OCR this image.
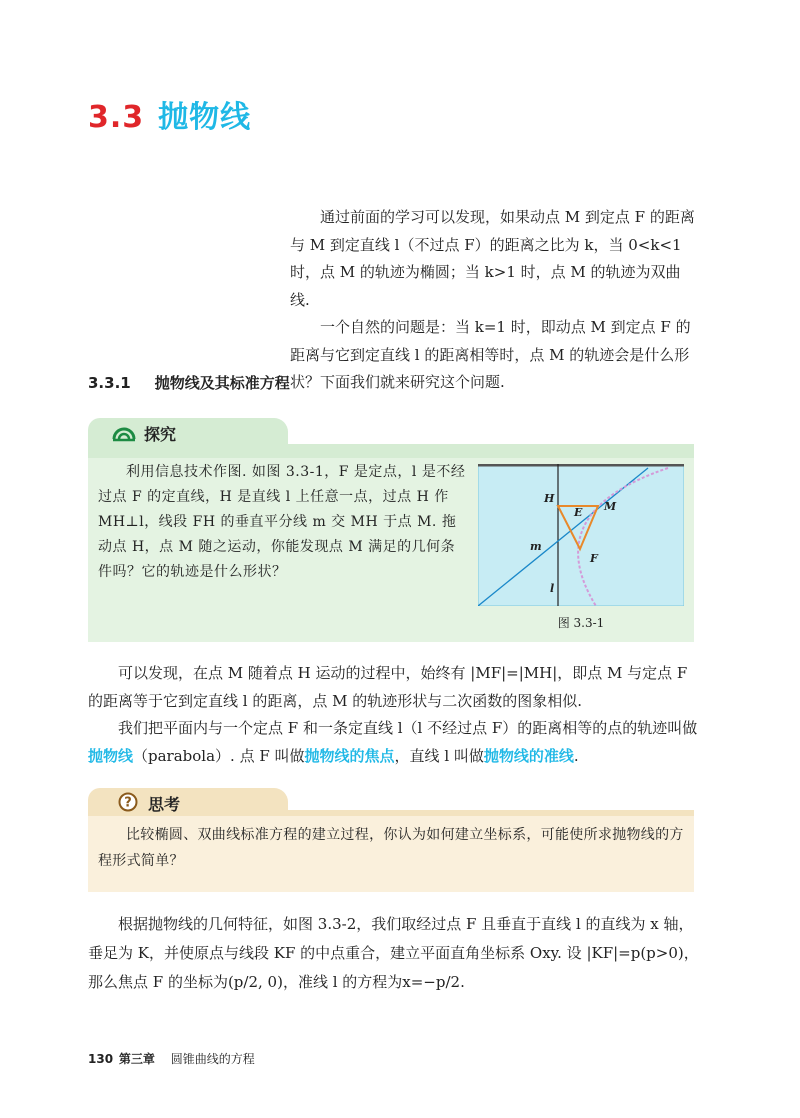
3.3 抛物线

通过前面的学习可以发现，如果动点 M 到定点 F 的距离与 M 到定直线 l（不过点 F）的距离之比为 k，当 0<k<1 时，点 M 的轨迹为椭圆；当 k>1 时，点 M 的轨迹为双曲线.

一个自然的问题是：当 k=1 时，即动点 M 到定点 F 的距离与它到定直线 l 的距离相等时，点 M 的轨迹会是什么形状？下面我们就来研究这个问题.

3.3.1 抛物线及其标准方程
探究

利用信息技术作图. 如图 3.3-1，F 是定点，l 是不经过点 F 的定直线，H 是直线 l 上任意一点，过点 H 作 MH⊥l，线段 FH 的垂直平分线 m 交 MH 于点 M. 拖动点 H，点 M 随之运动，你能发现点 M 满足的几何条件吗？它的轨迹是什么形状？

H
E M
m
F
l
图 3.3-1

可以发现，在点 M 随着点 H 运动的过程中，始终有 |MF|=|MH|，即点 M 与定点 F 的距离等于它到定直线 l 的距离，点 M 的轨迹形状与二次函数的图象相似.

我们把平面内与一个定点 F 和一条定直线 l（l 不经过点 F）的距离相等的点的轨迹叫做抛物线（parabola）. 点 F 叫做抛物线的焦点，直线 l 叫做抛物线的准线.

? 思考

比较椭圆、双曲线标准方程的建立过程，你认为如何建立坐标系，可能使所求抛物线的方程形式简单？

根据抛物线的几何特征，如图 3.3-2，我们取经过点 F 且垂直于直线 l 的直线为 x 轴，垂足为 K，并使原点与线段 KF 的中点重合，建立平面直角坐标系 Oxy. 设 |KF|=p(p>0)，那么焦点 F 的坐标为(p/2, 0)，准线 l 的方程为x=−p/2.

130 第三章 圆锥曲线的方程
